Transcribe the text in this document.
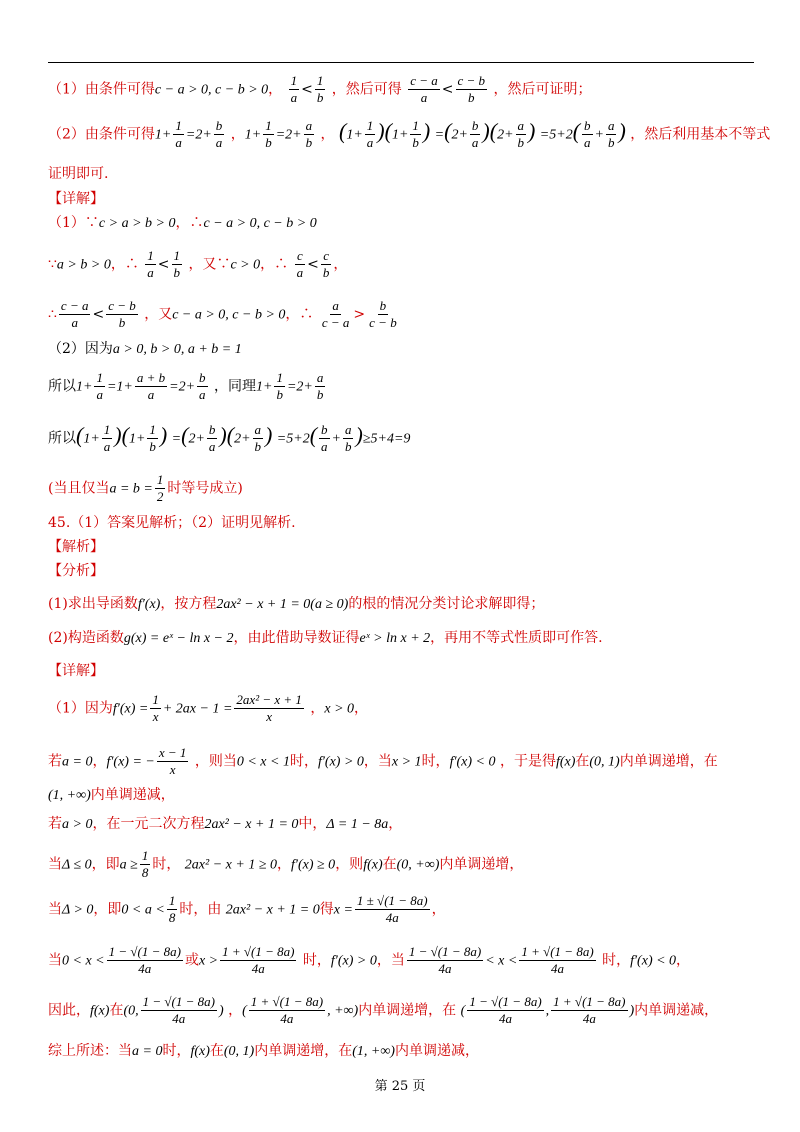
（1）由条件可得c − a > 0, c − b > 0， $\frac{1}{a} < \frac{1}{b}$ ，然后可得 $\frac{c - a}{a} < \frac{c - b}{b}$ ，然后可证明；
（2）由条件可得$1+ \frac{1}{a} =2+ \frac{b}{a}$ ，$1+ \frac{1}{b} =2+ \frac{a}{b}$ ， $(1+ \frac{1}{a} )(1+ \frac{1}{b}$ ) $=(2+ \frac{b}{a} )(2+ \frac{a}{b}$ ) $=5+2( \frac{b}{a} + \frac{a}{b}$ ) ，然后利用基本不等式
证明即可.
【详解】
（1）∵c > a > b > 0，∴c − a > 0, c − b > 0
∵a > b > 0，∴ $\frac{1}{a} < \frac{1}{b}$ ，又∵c > 0，∴ $\frac{c}{a} < \frac{c}{b}$ ，
∴ $\frac{c - a}{a} < \frac{c - b}{b}$ ，又c − a > 0, c − b > 0，∴ $\frac{a}{c - a} > \frac{b}{c - b}$
（2）因为a > 0, b > 0, a + b = 1
所以$1+ \frac{1}{a} =1+ \frac{a + b}{a} =2+ \frac{b}{a}$ ，同理$1+ \frac{1}{b} =2+ \frac{a}{b}$
所以$(1+ \frac{1}{a} )(1+ \frac{1}{b}$ ) $=(2+ \frac{b}{a} )(2+ \frac{a}{b}$ ) $=5+2( \frac{b}{a} + \frac{a}{b} )\ge 5+4=9$
(当且仅当$a = b = \frac{1}{2}$ 时等号成立)
45.（1）答案见解析；（2）证明见解析.
【解析】
【分析】
(1)求出导函数f′(x)，按方程2ax² − x + 1 = 0(a ≥ 0)的根的情况分类讨论求解即得；
(2)构造函数g(x) = eˣ − ln x − 2，由此借助导数证得eˣ > ln x + 2，再用不等式性质即可作答.
【详解】
（1）因为$f'(x) = \frac{1}{x} + 2ax - 1 = \frac{\text{2ax² − x + 1}}{x}$ ，x > 0，
若a = 0，f′(x) = − $\frac{x - 1}{x}$ ，则当0 < x < 1时，f′(x) > 0，当x > 1时，f′(x) < 0 ，于是得f(x)在(0, 1)内单调递增，在
(1, +∞)内单调递减，
若a > 0，在一元二次方程2ax² − x + 1 = 0中，Δ = 1 − 8a，
当Δ ≤ 0，即$a \ge \frac{1}{8}$ 时， 2ax² − x + 1 ≥ 0，f′(x) ≥ 0，则f(x)在(0, +∞)内单调递增，
当Δ > 0，即$0 < a < \frac{1}{8}$ 时，由 2ax² − x + 1 = 0得$x = \frac{1 \pm √(1 - 8a)}{4a}$ ，
当$0 < x < \frac{1 - √(1 - 8a)}{4a}$ 或$x > \frac{1 + √(1 - 8a)}{4a}$ 时，f′(x) > 0，当 $\frac{1 - √(1 - 8a)}{4a} < x < \frac{1 + √(1 - 8a)}{4a}$ 时，f′(x) < 0，
因此，f(x)在(0, $\frac{1 - √(1 - 8a)}{4a}$ ) ，( $\frac{1 + √(1 - 8a)}{4a}$ , +∞)内单调递增，在 ( $\frac{1 - √(1 - 8a)}{4a}$ , $\frac{1 + √(1 - 8a)}{4a}$ )内单调递减，
综上所述：当a = 0时，f(x)在(0, 1)内单调递增，在(1, +∞)内单调递减，
第 25 页
